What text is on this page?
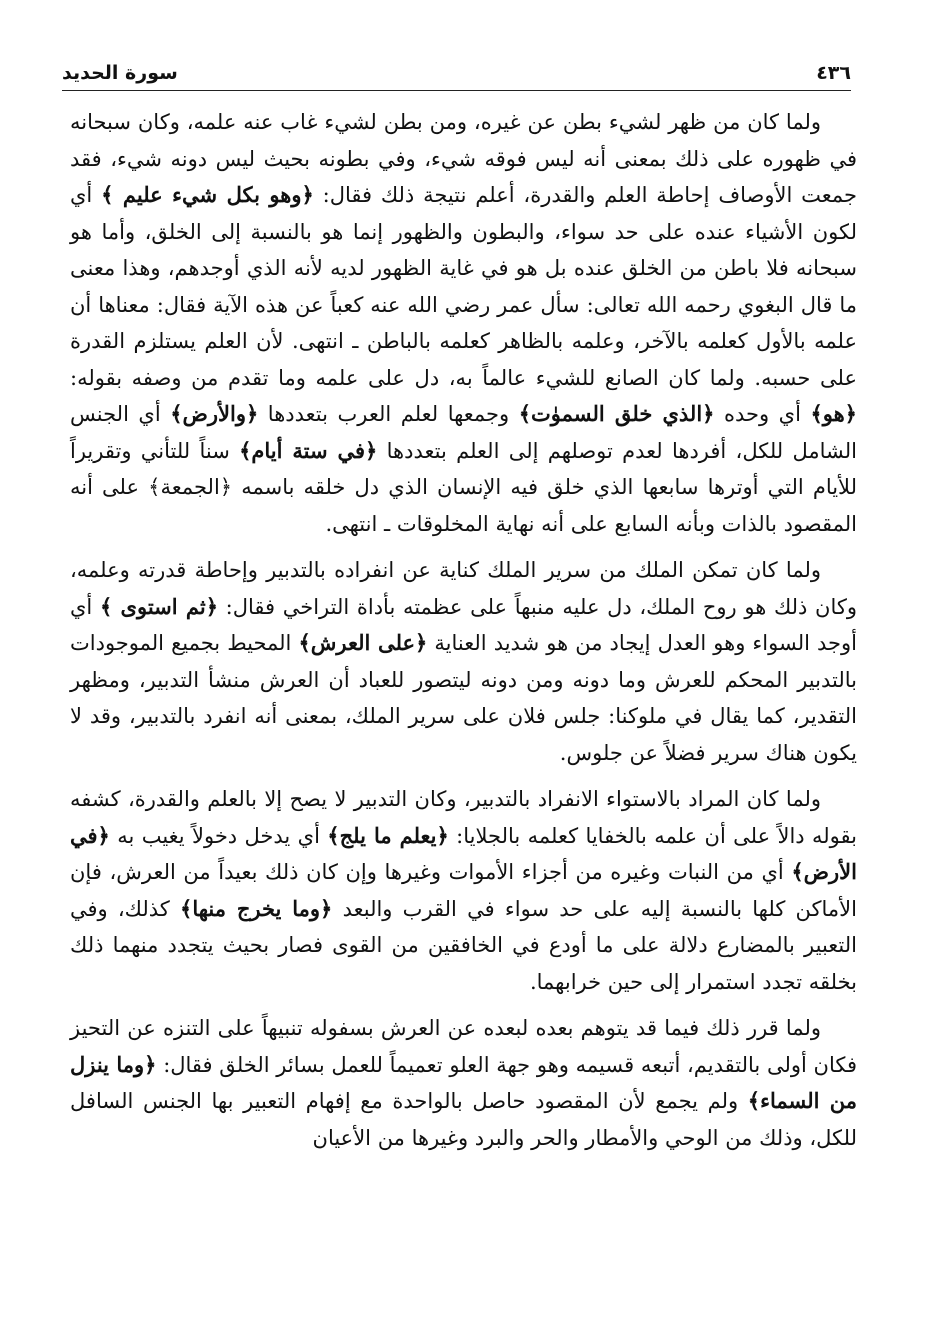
٤٣٦
سورة الحديد

ولما كان من ظهر لشيء بطن عن غيره، ومن بطن لشيء غاب عنه علمه، وكان سبحانه في ظهوره على ذلك بمعنى أنه ليس فوقه شيء، وفي بطونه بحيث ليس دونه شيء، فقد جمعت الأوصاف إحاطة العلم والقدرة، أعلم نتيجة ذلك فقال: ﴿وهو بكل شيء عليم ﴾ أي لكون الأشياء عنده على حد سواء، والبطون والظهور إنما هو بالنسبة إلى الخلق، وأما هو سبحانه فلا باطن من الخلق عنده بل هو في غاية الظهور لديه لأنه الذي أوجدهم، وهذا معنى ما قال البغوي رحمه الله تعالى: سأل عمر رضي الله عنه كعباً عن هذه الآية فقال: معناها أن علمه بالأول كعلمه بالآخر، وعلمه بالظاهر كعلمه بالباطن ـ انتهى. لأن العلم يستلزم القدرة على حسبه. ولما كان الصانع للشيء عالماً به، دل على علمه وما تقدم من وصفه بقوله: ﴿هو﴾ أي وحده ﴿الذي خلق السموٰت﴾ وجمعها لعلم العرب بتعددها ﴿والأرض﴾ أي الجنس الشامل للكل، أفردها لعدم توصلهم إلى العلم بتعددها ﴿في ستة أيام﴾ سناً للتأني وتقريراً للأيام التي أوترها سابعها الذي خلق فيه الإنسان الذي دل خلقه باسمه ﴿الجمعة﴾ على أنه المقصود بالذات وبأنه السابع على أنه نهاية المخلوقات ـ انتهى.

ولما كان تمكن الملك من سرير الملك كناية عن انفراده بالتدبير وإحاطة قدرته وعلمه، وكان ذلك هو روح الملك، دل عليه منبهاً على عظمته بأداة التراخي فقال: ﴿ثم استوى ﴾ أي أوجد السواء وهو العدل إيجاد من هو شديد العناية ﴿على العرش﴾ المحيط بجميع الموجودات بالتدبير المحكم للعرش وما دونه ومن دونه ليتصور للعباد أن العرش منشأ التدبير، ومظهر التقدير، كما يقال في ملوكنا: جلس فلان على سرير الملك، بمعنى أنه انفرد بالتدبير، وقد لا يكون هناك سرير فضلاً عن جلوس.

ولما كان المراد بالاستواء الانفراد بالتدبير، وكان التدبير لا يصح إلا بالعلم والقدرة، كشفه بقوله دالاً على أن علمه بالخفايا كعلمه بالجلايا: ﴿يعلم ما يلج﴾ أي يدخل دخولاً يغيب به ﴿في الأرض﴾ أي من النبات وغيره من أجزاء الأموات وغيرها وإن كان ذلك بعيداً من العرش، فإن الأماكن كلها بالنسبة إليه على حد سواء في القرب والبعد ﴿وما يخرج منها﴾ كذلك، وفي التعبير بالمضارع دلالة على ما أودع في الخافقين من القوى فصار بحيث يتجدد منهما ذلك بخلقه تجدد استمرار إلى حين خرابهما.

ولما قرر ذلك فيما قد يتوهم بعده لبعده عن العرش بسفوله تنبيهاً على التنزه عن التحيز فكان أولى بالتقديم، أتبعه قسيمه وهو جهة العلو تعميماً للعمل بسائر الخلق فقال: ﴿وما ينزل من السماء﴾ ولم يجمع لأن المقصود حاصل بالواحدة مع إفهام التعبير بها الجنس السافل للكل، وذلك من الوحي والأمطار والحر والبرد وغيرها من الأعيان
